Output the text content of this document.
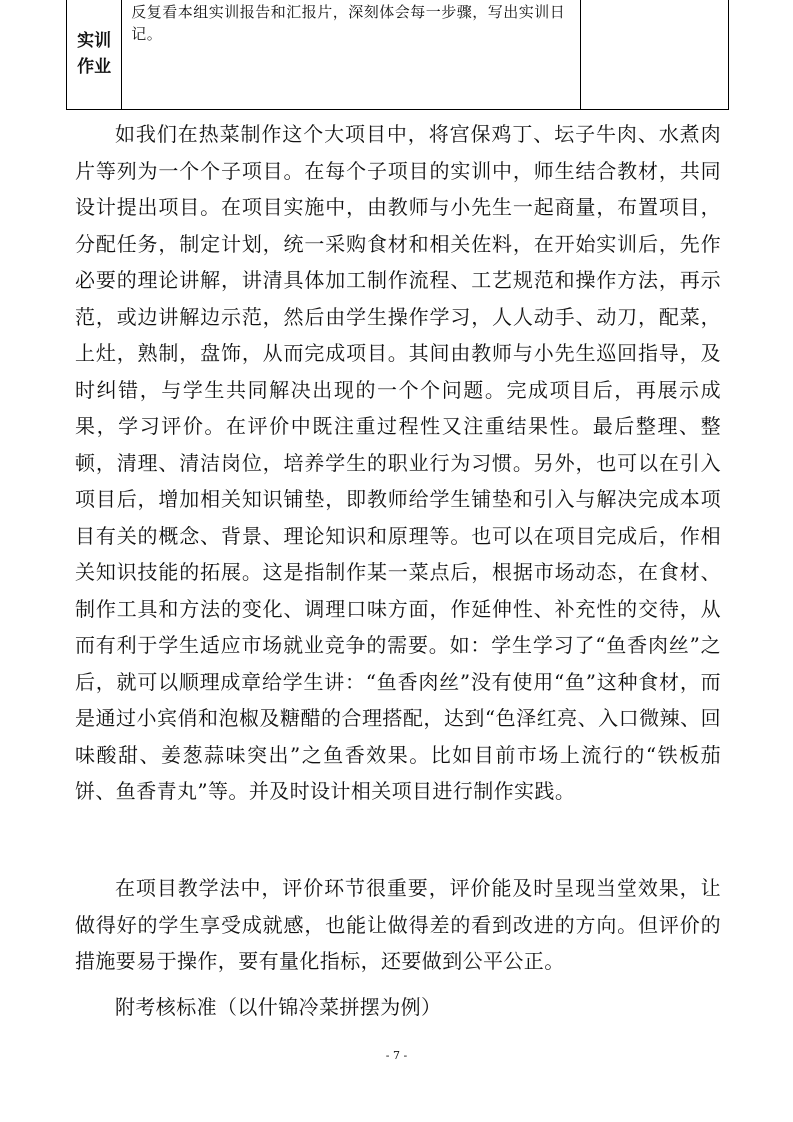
实训
作业
	反复看本组实训报告和汇报片，深刻体会每一步骤，写出实训日记。	

如我们在热菜制作这个大项目中，将宫保鸡丁、坛子牛肉、水煮肉片等列为一个个子项目。在每个子项目的实训中，师生结合教材，共同设计提出项目。在项目实施中，由教师与小先生一起商量，布置项目，分配任务，制定计划，统一采购食材和相关佐料，在开始实训后，先作必要的理论讲解，讲清具体加工制作流程、工艺规范和操作方法，再示范，或边讲解边示范，然后由学生操作学习，人人动手、动刀，配菜，上灶，熟制，盘饰，从而完成项目。其间由教师与小先生巡回指导，及时纠错，与学生共同解决出现的一个个问题。完成项目后，再展示成果，学习评价。在评价中既注重过程性又注重结果性。最后整理、整顿，清理、清洁岗位，培养学生的职业行为习惯。另外，也可以在引入项目后，增加相关知识铺垫，即教师给学生铺垫和引入与解决完成本项目有关的概念、背景、理论知识和原理等。也可以在项目完成后，作相关知识技能的拓展。这是指制作某一菜点后，根据市场动态，在食材、制作工具和方法的变化、调理口味方面，作延伸性、补充性的交待，从而有利于学生适应市场就业竞争的需要。如：学生学习了“鱼香肉丝”之后，就可以顺理成章给学生讲：“鱼香肉丝”没有使用“鱼”这种食材，而是通过小宾俏和泡椒及糖醋的合理搭配，达到“色泽红亮、入口微辣、回味酸甜、姜葱蒜味突出”之鱼香效果。比如目前市场上流行的“铁板茄饼、鱼香青丸”等。并及时设计相关项目进行制作实践。

在项目教学法中，评价环节很重要，评价能及时呈现当堂效果，让做得好的学生享受成就感，也能让做得差的看到改进的方向。但评价的措施要易于操作，要有量化指标，还要做到公平公正。

附考核标准（以什锦冷菜拼摆为例）

- 7 -
